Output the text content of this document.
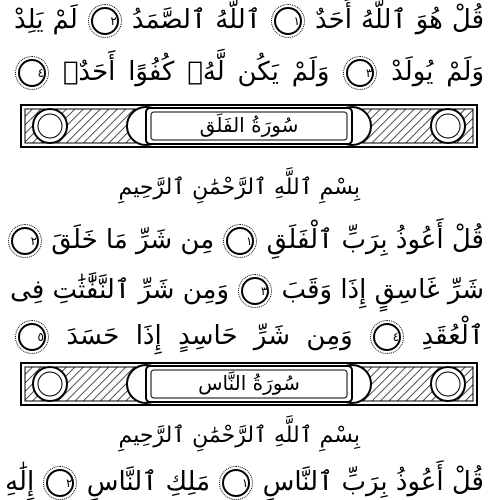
قُلْ هُوَ ٱللَّهُ أَحَدٌ ١ ٱللَّهُ ٱلصَّمَدُ ٢ لَمْ يَلِدْ
وَلَمْ يُولَدْ ٣ وَلَمْ يَكُن لَّهُۥ كُفُوًا أَحَدٌۢ ٤
سُورَةُ الفَلَق
بِسْمِ ٱللَّهِ ٱلرَّحْمَٰنِ ٱلرَّحِيمِ
قُلْ أَعُوذُ بِرَبِّ ٱلْفَلَقِ ١ مِن شَرِّ مَا خَلَقَ ٢
شَرِّ غَاسِقٍ إِذَا وَقَبَ ٣ وَمِن شَرِّ ٱلنَّفَّٰثَٰتِ فِى
ٱلْعُقَدِ ٤ وَمِن شَرِّ حَاسِدٍ إِذَا حَسَدَ ٥
سُورَةُ النَّاس
بِسْمِ ٱللَّهِ ٱلرَّحْمَٰنِ ٱلرَّحِيمِ
قُلْ أَعُوذُ بِرَبِّ ٱلنَّاسِ ١ مَلِكِ ٱلنَّاسِ ٢ إِلَٰهِ
